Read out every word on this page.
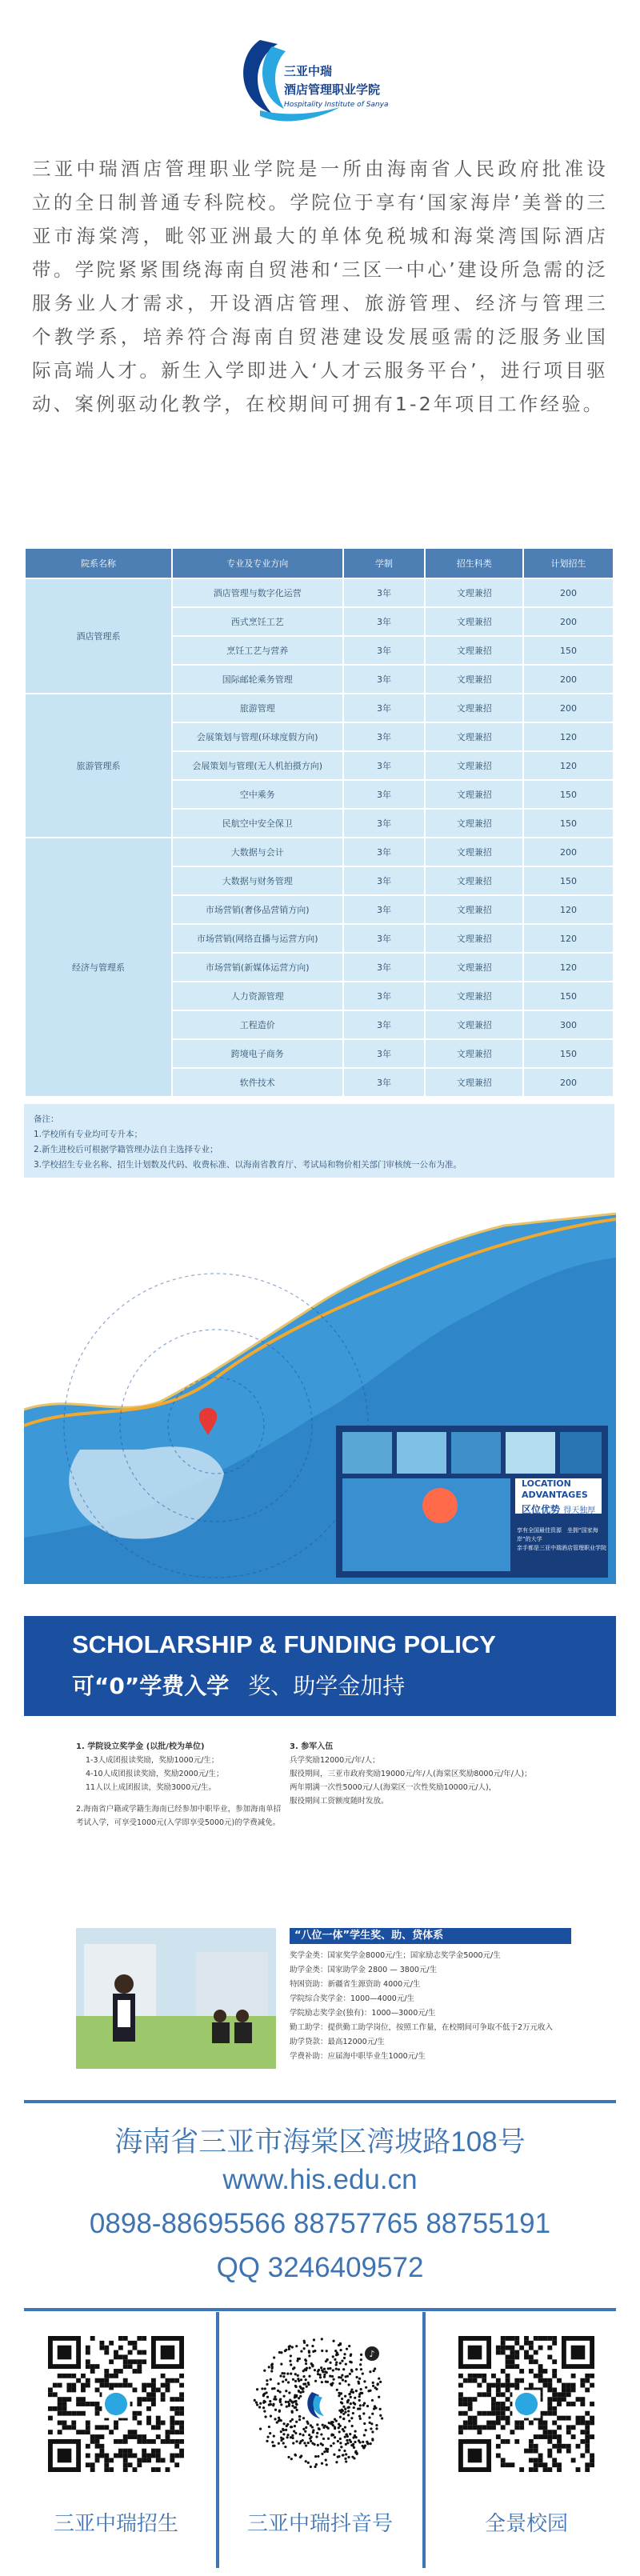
三亚中瑞
酒店管理职业学院
Hospitality Institute of Sanya
三亚中瑞酒店管理职业学院是一所由海南省人民政府批准设立的全日制普通专科院校。学院位于享有‘国家海岸’美誉的三亚市海棠湾，毗邻亚洲最大的单体免税城和海棠湾国际酒店带。学院紧紧围绕海南自贸港和‘三区一中心’建设所急需的泛服务业人才需求，开设酒店管理、旅游管理、经济与管理三个教学系，培养符合海南自贸港建设发展亟需的泛服务业国际高端人才。新生入学即进入‘人才云服务平台’，进行项目驱动、案例驱动化教学，在校期间可拥有1-2年项目工作经验。
院系名称	专业及专业方向	学制	招生科类	计划招生
酒店管理系	酒店管理与数字化运营	3年	文理兼招	200
	西式烹饪工艺	3年	文理兼招	200
	烹饪工艺与营养	3年	文理兼招	150
	国际邮轮乘务管理	3年	文理兼招	200
旅游管理系	旅游管理	3年	文理兼招	200
	会展策划与管理(环球度假方向)	3年	文理兼招	120
	会展策划与管理(无人机拍摄方向)	3年	文理兼招	120
	空中乘务	3年	文理兼招	150
	民航空中安全保卫	3年	文理兼招	150
经济与管理系	大数据与会计	3年	文理兼招	200
	大数据与财务管理	3年	文理兼招	150
	市场营销(奢侈品营销方向)	3年	文理兼招	120
	市场营销(网络直播与运营方向)	3年	文理兼招	120
	市场营销(新媒体运营方向)	3年	文理兼招	120
	人力资源管理	3年	文理兼招	150
	工程造价	3年	文理兼招	300
	跨境电子商务	3年	文理兼招	150
	软件技术	3年	文理兼招	200
备注：
1.学校所有专业均可专升本；
2.新生进校后可根据学籍管理办法自主选择专业；
3.学校招生专业名称、招生计划数及代码、收费标准、以海南省教育厅、考试局和物价相关部门审核统一公布为准。
LOCATION ADVANTAGES
区位优势 得天独厚
享有全国最佳资源　坐拥“国家海岸”的大学
亲手都是三亚中瑞酒店管理职业学院
SCHOLARSHIP & FUNDING POLICY
可“0”学费入学 奖、助学金加持
1. 学院设立奖学金 (以批/校为单位)
1-3人成团报读奖励，奖励1000元/生；
4-10人成团报读奖励，奖励2000元/生；
11人以上成团报读，奖励3000元/生。
2.海南省户籍或学籍生海南已经参加中职毕业，参加海南单招考试入学，可享受1000元(入学即享受5000元)的学费减免。
3. 参军入伍
兵学奖励12000元/年/人；
服役期间，三亚市政府奖励19000元/年/人(海棠区奖励8000元/年/人)；
两年期满一次性5000元/人(海棠区一次性奖励10000元/人)，
服役期间工资额度随时发放。
“八位一体”学生奖、助、贷体系
奖学金类：国家奖学金8000元/生；国家励志奖学金5000元/生
助学金类：国家助学金 2800 — 3800元/生
特困资助：新疆省生源资助 4000元/生
学院综合奖学金：1000—4000元/生
学院励志奖学金(独有)：1000—3000元/生
勤工助学：提供勤工助学岗位，按照工作量，在校期间可争取不低于2万元收入
助学贷款：最高12000元/生
学费补助：应届海中职毕业生1000元/生
海南省三亚市海棠区湾坡路108号
www.his.edu.cn
0898-88695566 88757765 88755191
QQ 3246409572
三亚中瑞招生
♪
三亚中瑞抖音号	全景校园
